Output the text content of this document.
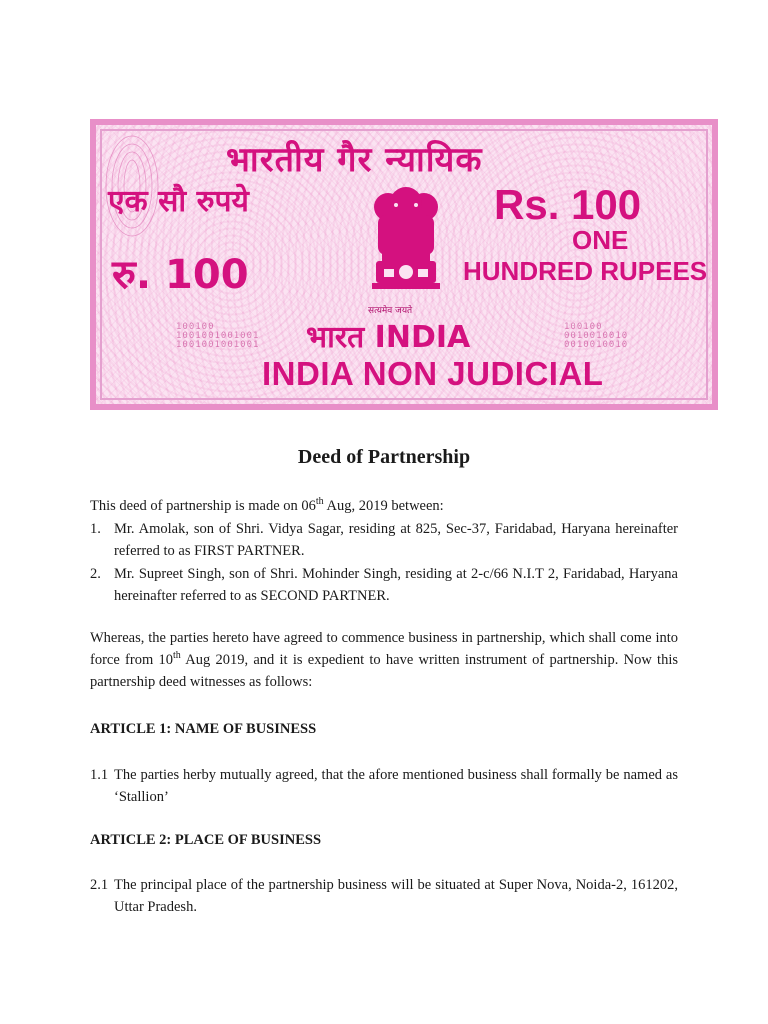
भारतीय गैर न्यायिक
एक सौ रुपये	Rs. 100
रु. 100
ONE
HUNDRED RUPEES
सत्यमेव जयते
100100
1001001001001
1001001001001
100100
0010010010
0010010010
भारत INDIA
INDIA NON JUDICIAL
Deed of Partnership

This deed of partnership is made on 06th Aug, 2019 between:

1. Mr. Amolak, son of Shri. Vidya Sagar, residing at 825, Sec-37, Faridabad, Haryana hereinafter referred to as FIRST PARTNER.
2. Mr. Supreet Singh, son of Shri. Mohinder Singh, residing at 2-c/66 N.I.T 2, Faridabad, Haryana hereinafter referred to as SECOND PARTNER.

Whereas, the parties hereto have agreed to commence business in partnership, which shall come into force from 10th Aug 2019, and it is expedient to have written instrument of partnership. Now this partnership deed witnesses as follows:

ARTICLE 1: NAME OF BUSINESS
1.1 The parties herby mutually agreed, that the afore mentioned business shall formally be named as ‘Stallion’
ARTICLE 2: PLACE OF BUSINESS
2.1 The principal place of the partnership business will be situated at Super Nova, Noida-2, 161202, Uttar Pradesh.
